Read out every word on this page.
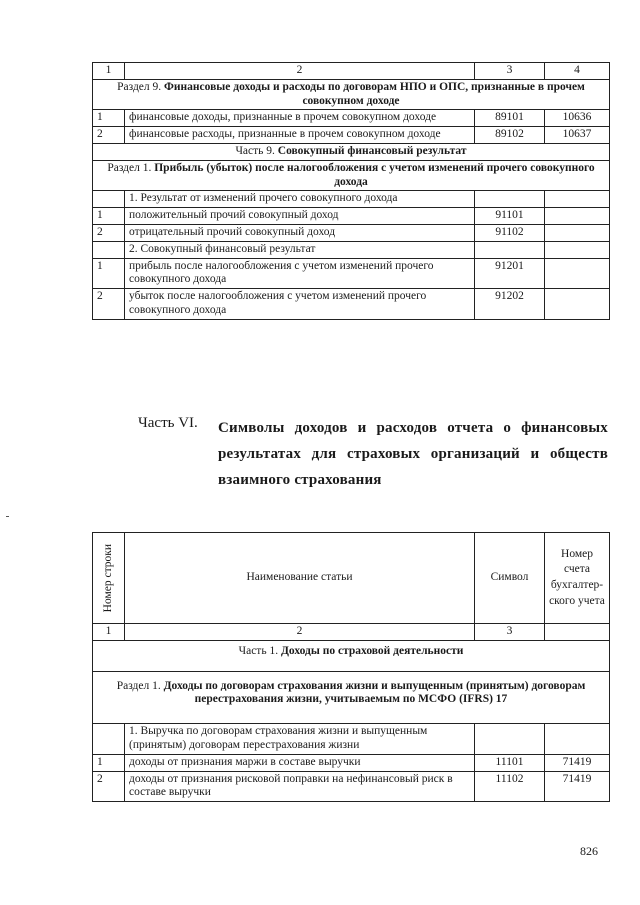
1	2	3	4
Раздел 9. Финансовые доходы и расходы по договорам НПО и ОПС, признанные в прочем совокупном доходе			
1	финансовые доходы, признанные в прочем совокупном доходе	89101	10636
2	финансовые расходы, признанные в прочем совокупном доходе	89102	10637
Часть 9. Совокупный финансовый результат			
Раздел 1. Прибыль (убыток) после налогообложения с учетом изменений прочего совокупного дохода			
	1. Результат от изменений прочего совокупного дохода		
1	положительный прочий совокупный доход	91101	
2	отрицательный прочий совокупный доход	91102	
	2. Совокупный финансовый результат		
1	прибыль после налогообложения с учетом изменений прочего совокупного дохода	91201	
2	убыток после налогообложения с учетом изменений прочего совокупного дохода	91202	
Часть VI. Символы доходов и расходов отчета о финансовых результатах для страховых организаций и обществ взаимного страхования
Номер строки	Наименование статьи	Символ	Номер счета бухгалтер-ского учета
1	2	3	
Часть 1. Доходы по страховой деятельности			
Раздел 1. Доходы по договорам страхования жизни и выпущенным (принятым) договорам перестрахования жизни, учитываемым по МСФО (IFRS) 17			
	1. Выручка по договорам страхования жизни и выпущенным (принятым) договорам перестрахования жизни		
1	доходы от признания маржи в составе выручки	11101	71419
2	доходы от признания рисковой поправки на нефинансовый риск в составе выручки	11102	71419
826
